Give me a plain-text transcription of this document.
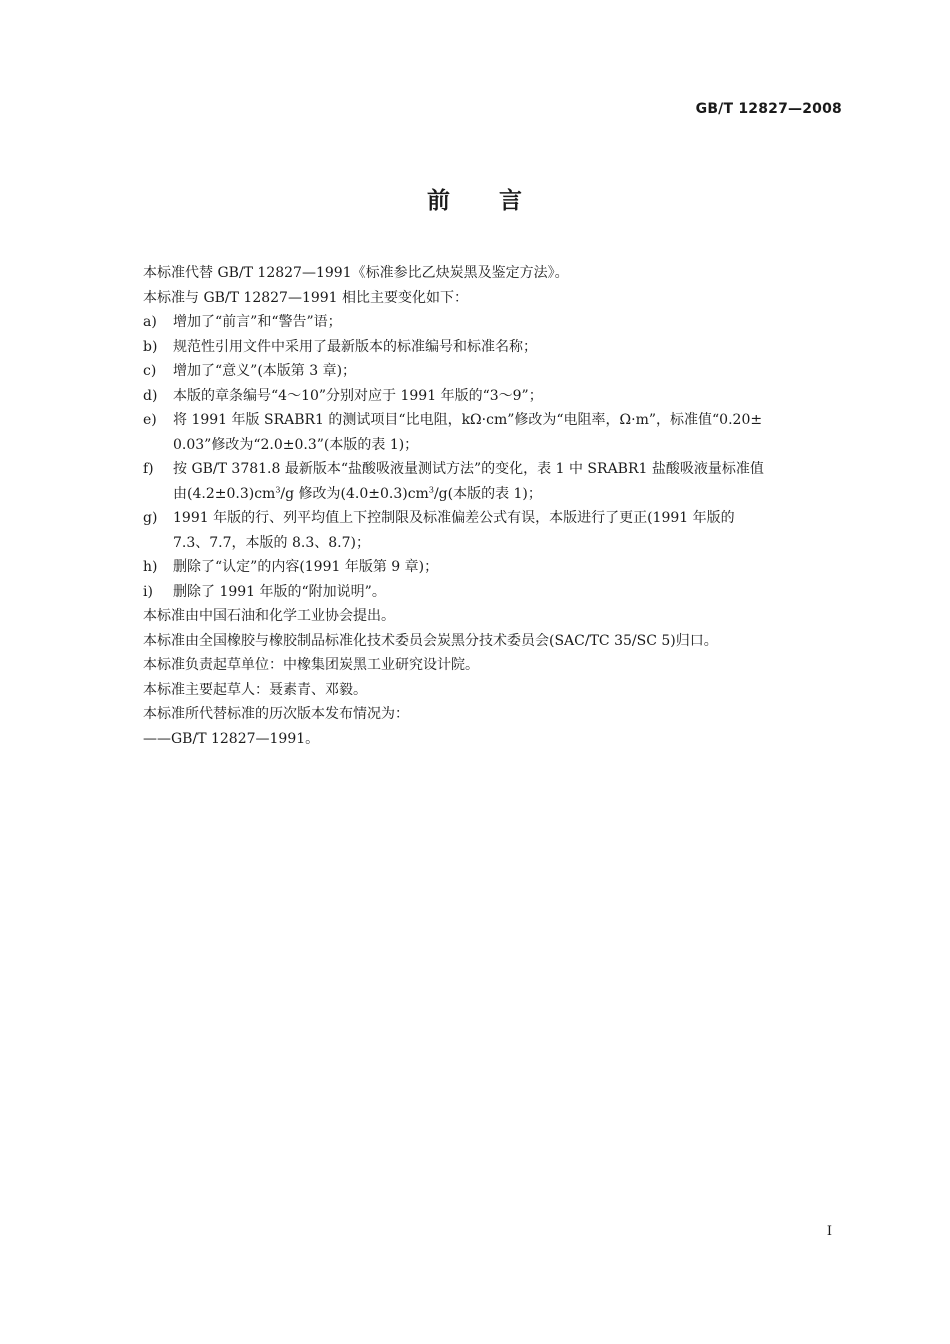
GB/T 12827—2008
前 言
本标准代替 GB/T 12827—1991《标准参比乙炔炭黑及鉴定方法》。
本标准与 GB/T 12827—1991 相比主要变化如下：
a) 增加了“前言”和“警告”语；
b) 规范性引用文件中采用了最新版本的标准编号和标准名称；
c) 增加了“意义”(本版第 3 章)；
d) 本版的章条编号“4～10”分别对应于 1991 年版的“3～9”；
e) 将 1991 年版 SRABR1 的测试项目“比电阻，kΩ·cm”修改为“电阻率，Ω·m”，标准值“0.20±
0.03”修改为“2.0±0.3”(本版的表 1)；
f) 按 GB/T 3781.8 最新版本“盐酸吸液量测试方法”的变化，表 1 中 SRABR1 盐酸吸液量标准值
由$(4.2\pm 0.3)cm^3/g$ 修改为$(4.0\pm 0.3)cm^3/g$(本版的表 1)；
g) 1991 年版的行、列平均值上下控制限及标准偏差公式有误，本版进行了更正(1991 年版的
7.3、7.7，本版的 8.3、8.7)；
h) 删除了“认定”的内容(1991 年版第 9 章)；
i) 删除了 1991 年版的“附加说明”。
本标准由中国石油和化学工业协会提出。
本标准由全国橡胶与橡胶制品标准化技术委员会炭黑分技术委员会(SAC/TC 35/SC 5)归口。
本标准负责起草单位：中橡集团炭黑工业研究设计院。
本标准主要起草人：聂素青、邓毅。
本标准所代替标准的历次版本发布情况为：
——GB/T 12827—1991。
I
